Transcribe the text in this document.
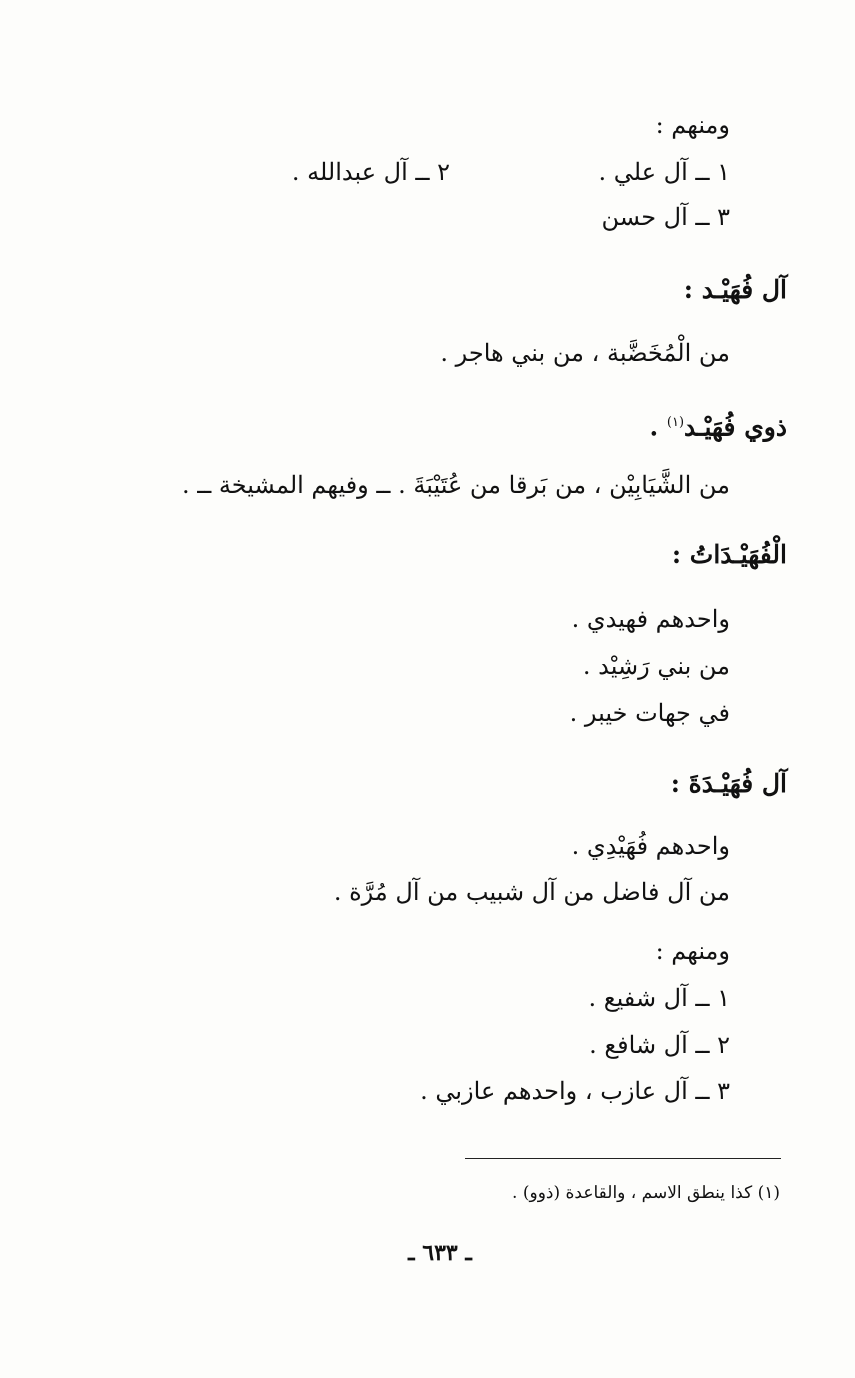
ومنهم :
١ ــ آل علي .
٢ ــ آل عبدالله .
٣ ــ آل حسن
آل فُهَيْـد :
من الْمُخَضَّبة ، من بني هاجر .
ذوي فُهَيْـد$^{(١)}$ .
من الشَّيَابِيْن ، من بَرقا من عُتَيْبَةَ . ــ وفيهم المشيخة ــ .
الْفُهَيْـدَاتُ :
واحدهم فهيدي .
من بني رَشِيْد .
في جهات خيبر .
آل فُهَيْـدَةَ :
واحدهم فُهَيْدِي .
من آل فاضل من آل شبيب من آل مُرَّة .
ومنهم :
١ ــ آل شفيع .
٢ ــ آل شافع .
٣ ــ آل عازب ، واحدهم عازبي .
(١) كذا ينطق الاسم ، والقاعدة (ذوو) .
ـ ٦٣٣ ـ
